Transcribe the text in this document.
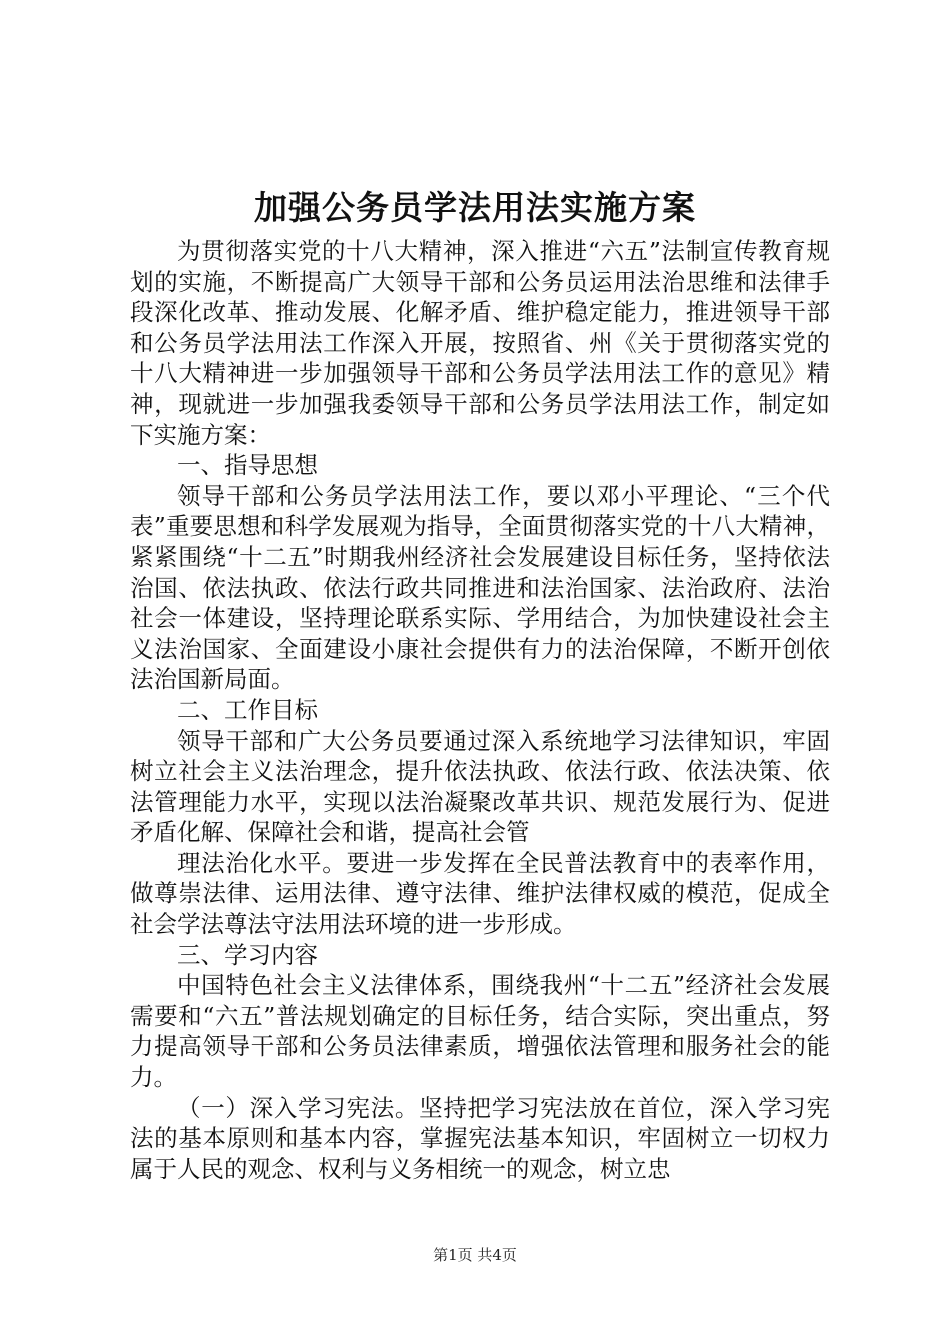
加强公务员学法用法实施方案

为贯彻落实党的十八大精神，深入推进“六五”法制宣传教育规划的实施，不断提高广大领导干部和公务员运用法治思维和法律手段深化改革、推动发展、化解矛盾、维护稳定能力，推进领导干部和公务员学法用法工作深入开展，按照省、州《关于贯彻落实党的十八大精神进一步加强领导干部和公务员学法用法工作的意见》精神，现就进一步加强我委领导干部和公务员学法用法工作，制定如下实施方案：

一、指导思想

领导干部和公务员学法用法工作，要以邓小平理论、“三个代表”重要思想和科学发展观为指导，全面贯彻落实党的十八大精神，紧紧围绕“十二五”时期我州经济社会发展建设目标任务，坚持依法治国、依法执政、依法行政共同推进和法治国家、法治政府、法治社会一体建设，坚持理论联系实际、学用结合，为加快建设社会主义法治国家、全面建设小康社会提供有力的法治保障，不断开创依法治国新局面。

二、工作目标

领导干部和广大公务员要通过深入系统地学习法律知识，牢固树立社会主义法治理念，提升依法执政、依法行政、依法决策、依法管理能力水平，实现以法治凝聚改革共识、规范发展行为、促进矛盾化解、保障社会和谐，提高社会管

理法治化水平。要进一步发挥在全民普法教育中的表率作用，做尊崇法律、运用法律、遵守法律、维护法律权威的模范，促成全社会学法尊法守法用法环境的进一步形成。

三、学习内容

中国特色社会主义法律体系，围绕我州“十二五”经济社会发展需要和“六五”普法规划确定的目标任务，结合实际，突出重点，努力提高领导干部和公务员法律素质，增强依法管理和服务社会的能力。

（一）深入学习宪法。坚持把学习宪法放在首位，深入学习宪法的基本原则和基本内容，掌握宪法基本知识，牢固树立一切权力属于人民的观念、权利与义务相统一的观念，树立忠

第1页 共4页
